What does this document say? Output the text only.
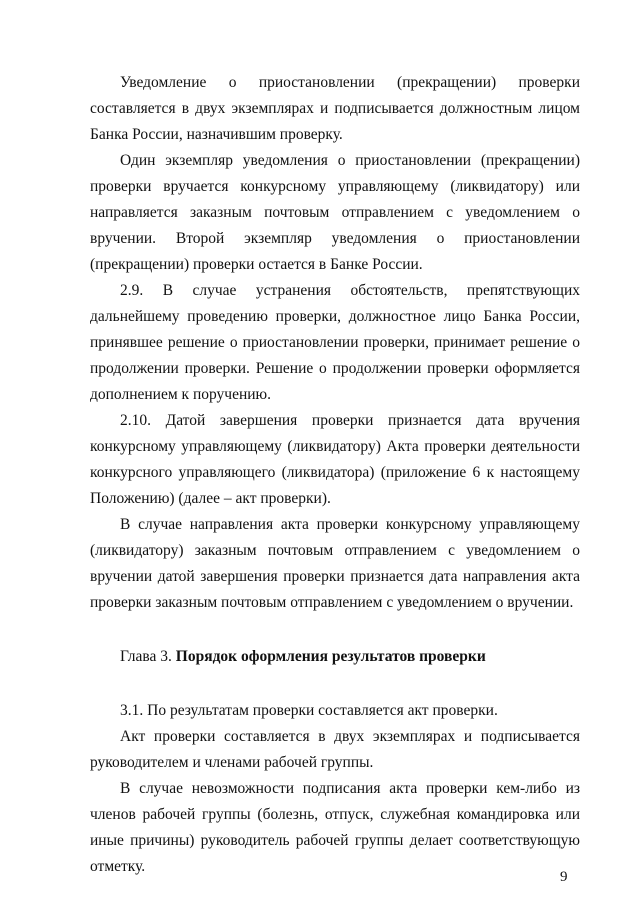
Уведомление о приостановлении (прекращении) проверки составляется в двух экземплярах и подписывается должностным лицом Банка России, назначившим проверку.

Один экземпляр уведомления о приостановлении (прекращении) проверки вручается конкурсному управляющему (ликвидатору) или направляется заказным почтовым отправлением с уведомлением о вручении. Второй экземпляр уведомления о приостановлении (прекращении) проверки остается в Банке России.

2.9. В случае устранения обстоятельств, препятствующих дальнейшему проведению проверки, должностное лицо Банка России, принявшее решение о приостановлении проверки, принимает решение о продолжении проверки. Решение о продолжении проверки оформляется дополнением к поручению.

2.10. Датой завершения проверки признается дата вручения конкурсному управляющему (ликвидатору) Акта проверки деятельности конкурсного управляющего (ликвидатора) (приложение 6 к настоящему Положению) (далее – акт проверки).

В случае направления акта проверки конкурсному управляющему (ликвидатору) заказным почтовым отправлением с уведомлением о вручении датой завершения проверки признается дата направления акта проверки заказным почтовым отправлением с уведомлением о вручении.

Глава 3. Порядок оформления результатов проверки

3.1. По результатам проверки составляется акт проверки.

Акт проверки составляется в двух экземплярах и подписывается руководителем и членами рабочей группы.

В случае невозможности подписания акта проверки кем-либо из членов рабочей группы (болезнь, отпуск, служебная командировка или иные причины) руководитель рабочей группы делает соответствующую отметку.

9
